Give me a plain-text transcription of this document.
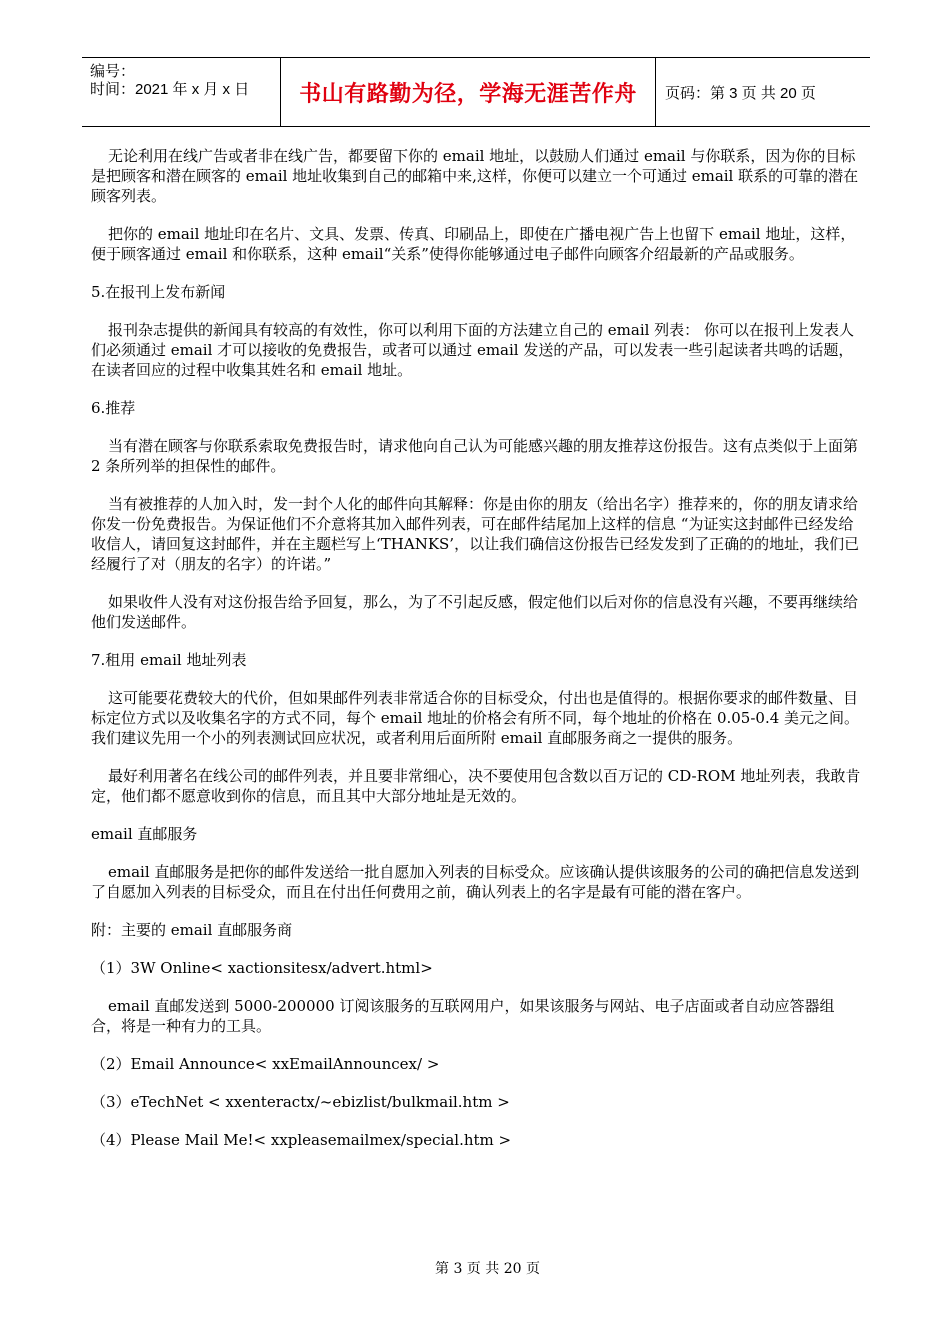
编号：
时间：2021 年 x 月 x 日 书山有路勤为径，学海无涯苦作舟 页码：第 3 页 共 20 页

无论利用在线广告或者非在线广告，都要留下你的 email 地址，以鼓励人们通过 email 与你联系，因为你的目标是把顾客和潜在顾客的 email 地址收集到自己的邮箱中来,这样，你便可以建立一个可通过 email 联系的可靠的潜在顾客列表。

把你的 email 地址印在名片、文具、发票、传真、印刷品上，即使在广播电视广告上也留下 email 地址，这样，便于顾客通过 email 和你联系，这种 email“关系”使得你能够通过电子邮件向顾客介绍最新的产品或服务。

5.在报刊上发布新闻

报刊杂志提供的新闻具有较高的有效性，你可以利用下面的方法建立自己的 email 列表： 你可以在报刊上发表人们必须通过 email 才可以接收的免费报告，或者可以通过 email 发送的产品，可以发表一些引起读者共鸣的话题，在读者回应的过程中收集其姓名和 email 地址。

6.推荐

当有潜在顾客与你联系索取免费报告时，请求他向自己认为可能感兴趣的朋友推荐这份报告。这有点类似于上面第 2 条所列举的担保性的邮件。

当有被推荐的人加入时，发一封个人化的邮件向其解释：你是由你的朋友（给出名字）推荐来的，你的朋友请求给你发一份免费报告。为保证他们不介意将其加入邮件列表，可在邮件结尾加上这样的信息 “为证实这封邮件已经发给收信人，请回复这封邮件，并在主题栏写上‘THANKS’，以让我们确信这份报告已经发发到了正确的的地址，我们已经履行了对（朋友的名字）的许诺。”

如果收件人没有对这份报告给予回复，那么，为了不引起反感，假定他们以后对你的信息没有兴趣，不要再继续给他们发送邮件。

7.租用 email 地址列表

这可能要花费较大的代价，但如果邮件列表非常适合你的目标受众，付出也是值得的。根据你要求的邮件数量、目标定位方式以及收集名字的方式不同，每个 email 地址的价格会有所不同，每个地址的价格在 0.05-0.4 美元之间。我们建议先用一个小的列表测试回应状况，或者利用后面所附 email 直邮服务商之一提供的服务。

最好利用著名在线公司的邮件列表，并且要非常细心，决不要使用包含数以百万记的 CD-ROM 地址列表，我敢肯定，他们都不愿意收到你的信息，而且其中大部分地址是无效的。

email 直邮服务

email 直邮服务是把你的邮件发送给一批自愿加入列表的目标受众。应该确认提供该服务的公司的确把信息发送到了自愿加入列表的目标受众，而且在付出任何费用之前，确认列表上的名字是最有可能的潜在客户。

附：主要的 email 直邮服务商

（1）3W Online< xactionsitesx/advert.html>

email 直邮发送到 5000-200000 订阅该服务的互联网用户，如果该服务与网站、电子店面或者自动应答器组合，将是一种有力的工具。

（2）Email Announce< xxEmailAnnouncex/ >

（3）eTechNet < xxenteractx/~ebizlist/bulkmail.htm >

（4）Please Mail Me!< xxpleasemailmex/special.htm >

第 3 页 共 20 页
